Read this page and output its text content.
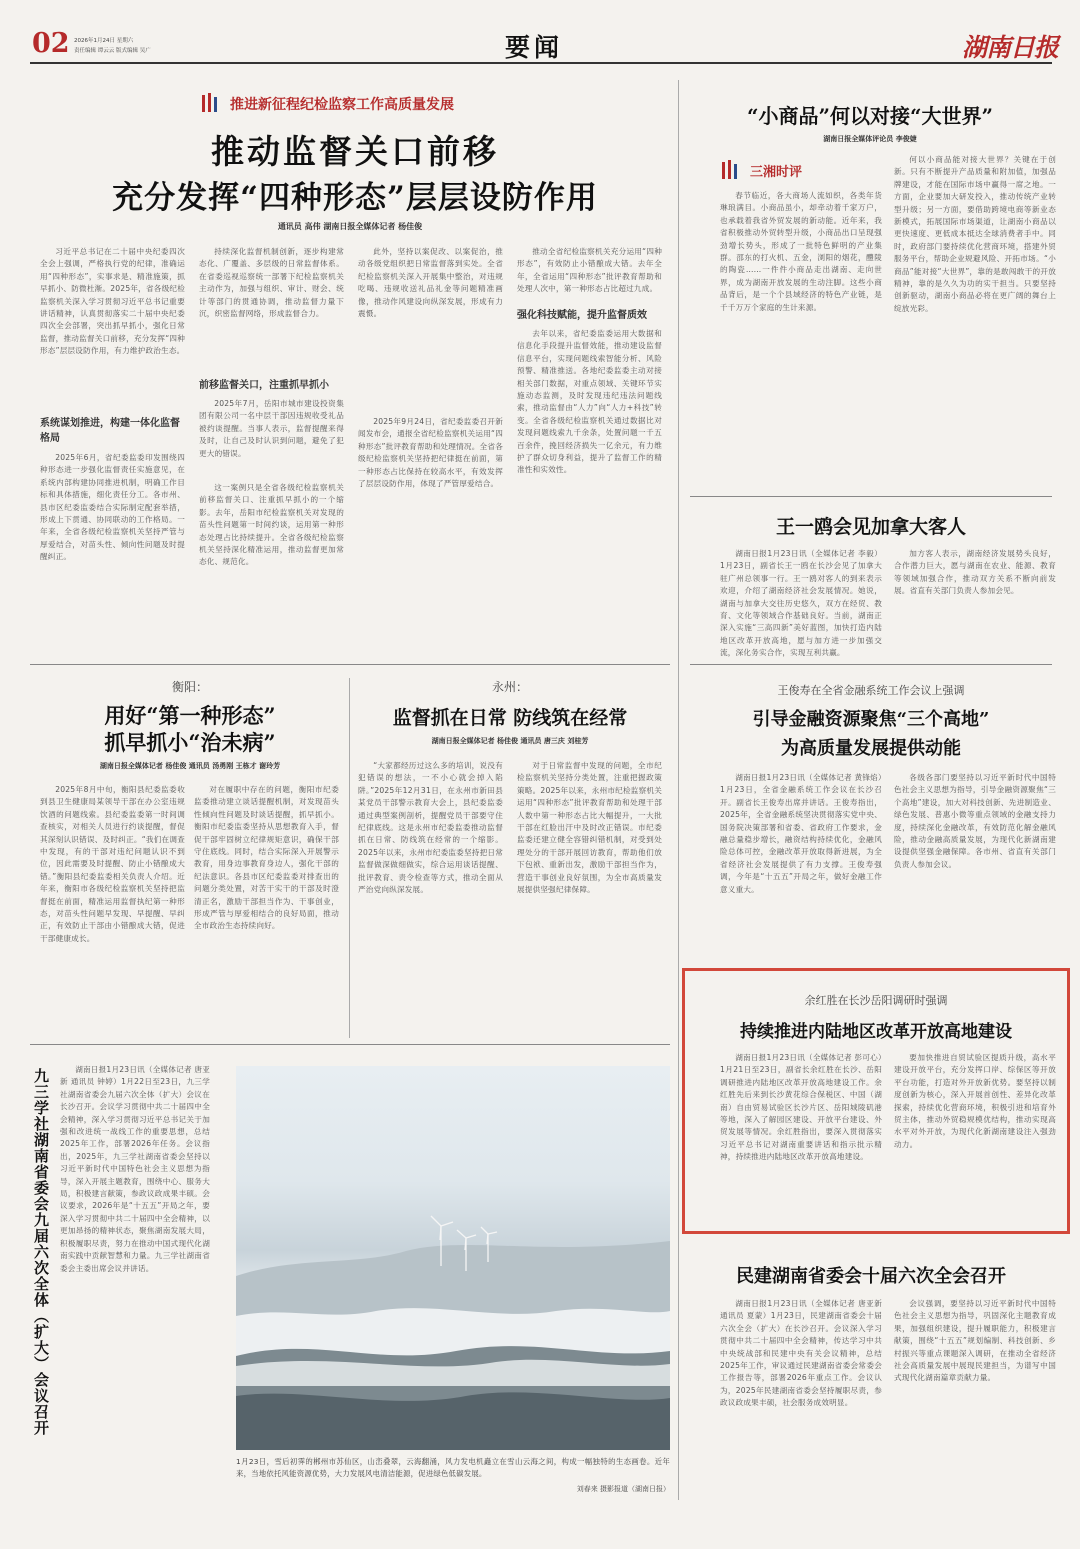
02 2026年1月24日 星期六
责任编辑 谭云云 版式编辑 吴广	要闻	湖南日报
推进新征程纪检监察工作高质量发展
推动监督关口前移
充分发挥“四种形态”层层设防作用
通讯员 高伟 湖南日报全媒体记者 杨佳俊

习近平总书记在二十届中央纪委四次全会上强调，严格执行党的纪律，准确运用“四种形态”，实事求是、精准施策，抓早抓小、防微杜渐。2025年，省各级纪检监察机关深入学习贯彻习近平总书记重要讲话精神，认真贯彻落实二十届中央纪委四次全会部署，突出抓早抓小，强化日常监督，推动监督关口前移，充分发挥“四种形态”层层设防作用，有力维护政治生态。

系统谋划推进，构建一体化监督格局

2025年6月，省纪委监委印发围绕四种形态进一步强化监督责任实施意见，在系统内部构建协同推进机制，明确工作目标和具体措施，细化责任分工。各市州、县市区纪委监委结合实际制定配套举措，形成上下贯通、协同联动的工作格局。一年来，全省各级纪检监察机关坚持严管与厚爱结合，对苗头性、倾向性问题及时提醒纠正。

持续深化监督机制创新，逐步构建常态化、广覆盖、多层级的日常监督体系。在省委巡视巡察统一部署下纪检监察机关主动作为，加强与组织、审计、财会、统计等部门的贯通协调，推动监督力量下沉，织密监督网络，形成监督合力。

前移监督关口，注重抓早抓小

2025年7月，岳阳市城市建设投资集团有限公司一名中层干部因违规收受礼品被约谈提醒。当事人表示，监督提醒来得及时，让自己及时认识到问题，避免了犯更大的错误。

这一案例只是全省各级纪检监察机关前移监督关口、注重抓早抓小的一个缩影。去年，岳阳市纪检监察机关对发现的苗头性问题第一时间约谈，运用第一种形态处理占比持续提升。全省各级纪检监察机关坚持深化精准运用，推动监督更加常态化、规范化。

此外，坚持以案促改、以案促治，推动各级党组织把日常监督落到实处。全省纪检监察机关深入开展集中整治，对违规吃喝、违规收送礼品礼金等问题精准画像，推动作风建设向纵深发展，形成有力震慑。

2025年9月24日，省纪委监委召开新闻发布会，通报全省纪检监察机关运用“四种形态”批评教育帮助和处理情况。全省各级纪检监察机关坚持把纪律挺在前面，第一种形态占比保持在较高水平，有效发挥了层层设防作用，体现了严管厚爱结合。

推动全省纪检监察机关充分运用“四种形态”，有效防止小错酿成大错。去年全年，全省运用“四种形态”批评教育帮助和处理人次中，第一种形态占比超过九成。

强化科技赋能，提升监督质效

去年以来，省纪委监委运用大数据和信息化手段提升监督效能，推动建设监督信息平台，实现问题线索智能分析、风险预警、精准推送。各地纪委监委主动对接相关部门数据，对重点领域、关键环节实施动态监测，及时发现违纪违法问题线索，推动监督由“人力”向“人力+科技”转变。全省各级纪检监察机关通过数据比对发现问题线索九千余条，处置问题一千五百余件，挽回经济损失一亿余元，有力维护了群众切身利益，提升了监督工作的精准性和实效性。

衡阳：
用好“第一种形态”
抓早抓小“治未病”
湖南日报全媒体记者 杨佳俊 通讯员 汤勇刚 王栋才 谢玲芳

2025年8月中旬，衡阳县纪委监委收到县卫生健康局某领导干部在办公室违规饮酒的问题线索。县纪委监委第一时间调查核实，对相关人员进行约谈提醒，督促其深刻认识错误、及时纠正。“我们在调查中发现，有的干部对违纪问题认识不到位，因此需要及时提醒、防止小错酿成大错。”衡阳县纪委监委相关负责人介绍。近年来，衡阳市各级纪检监察机关坚持把监督挺在前面，精准运用监督执纪第一种形态，对苗头性问题早发现、早提醒、早纠正，有效防止干部由小错酿成大错，促进干部健康成长。

对在履职中存在的问题，衡阳市纪委监委推动建立谈话提醒机制，对发现苗头性倾向性问题及时谈话提醒，抓早抓小。衡阳市纪委监委坚持从思想教育入手，督促干部牢固树立纪律规矩意识，确保干部守住底线。同时，结合实际深入开展警示教育，用身边事教育身边人，强化干部的纪法意识。各县市区纪委监委对排查出的问题分类处置，对苦干实干的干部及时澄清正名，激励干部担当作为、干事创业，形成严管与厚爱相结合的良好局面，推动全市政治生态持续向好。

永州：
监督抓在日常 防线筑在经常
湖南日报全媒体记者 杨佳俊 通讯员 唐三庆 刘桂芳

“大家都经历过这么多的培训，说没有犯错误的想法，一不小心就会掉入陷阱。”2025年12月31日，在永州市新田县某党员干部警示教育大会上，县纪委监委通过典型案例剖析，提醒党员干部要守住纪律底线。这是永州市纪委监委推动监督抓在日常、防线筑在经常的一个缩影。2025年以来，永州市纪委监委坚持把日常监督做深做细做实，综合运用谈话提醒、批评教育、责令检查等方式，推动全面从严治党向纵深发展。

对于日常监督中发现的问题，全市纪检监察机关坚持分类处置，注重把握政策策略。2025年以来，永州市纪检监察机关运用“四种形态”批评教育帮助和处理干部人数中第一种形态占比大幅提升，一大批干部在红脸出汗中及时改正错误。市纪委监委还建立健全容错纠错机制，对受到处理处分的干部开展回访教育，帮助他们放下包袱、重新出发，激励干部担当作为，营造干事创业良好氛围，为全市高质量发展提供坚强纪律保障。

九三学社湖南省委会九届六次全体（扩大）会议召开	湖南日报1月23日讯（全媒体记者 唐亚新 通讯员 钟婷）1月22日至23日，九三学社湖南省委会九届六次全体（扩大）会议在长沙召开。会议学习贯彻中共二十届四中全会精神，深入学习贯彻习近平总书记关于加强和改进统一战线工作的重要思想，总结2025年工作，部署2026年任务。会议指出，2025年，九三学社湖南省委会坚持以习近平新时代中国特色社会主义思想为指导，深入开展主题教育，围绕中心、服务大局，积极建言献策，参政议政成果丰硕。会议要求，2026年是“十五五”开局之年，要深入学习贯彻中共二十届四中全会精神，以更加昂扬的精神状态，聚焦湖南发展大局，积极履职尽责，努力在推动中国式现代化湖南实践中贡献智慧和力量。九三学社湖南省委会主委出席会议并讲话。

1月23日，雪后初霁的郴州市苏仙区，山峦叠翠，云海翻涌，风力发电机矗立在雪山云海之间，构成一幅独特的生态画卷。近年来，当地依托风能资源优势，大力发展风电清洁能源，促进绿色低碳发展。
刘春来 摄影报道（湖南日报）
“小商品”何以对接“大世界”
湖南日报全媒体评论员 李俊婕
三湘时评

春节临近，各大商场人流如织，各类年货琳琅满目。小商品虽小，却牵动着千家万户，也承载着我省外贸发展的新动能。近年来，我省积极推动外贸转型升级，小商品出口呈现强劲增长势头，形成了一批特色鲜明的产业集群。邵东的打火机、五金，浏阳的烟花，醴陵的陶瓷……一件件小商品走出湖南、走向世界，成为湖南开放发展的生动注脚。这些小商品背后，是一个个县域经济的特色产业链，是千千万万个家庭的生计来源。

何以小商品能对接大世界？关键在于创新。只有不断提升产品质量和附加值，加强品牌建设，才能在国际市场中赢得一席之地。一方面，企业要加大研发投入，推动传统产业转型升级；另一方面，要借助跨境电商等新业态新模式，拓展国际市场渠道，让湖南小商品以更快速度、更低成本抵达全球消费者手中。同时，政府部门要持续优化营商环境，搭建外贸服务平台，帮助企业规避风险、开拓市场。“小商品”能对接“大世界”，靠的是敢闯敢干的开放精神，靠的是久久为功的实干担当。只要坚持创新驱动，湖南小商品必将在更广阔的舞台上绽放光彩。

王一鸥会见加拿大客人

湖南日报1月23日讯（全媒体记者 李毅）1月23日，副省长王一鸥在长沙会见了加拿大驻广州总领事一行。王一鸥对客人的到来表示欢迎，介绍了湖南经济社会发展情况。她说，湖南与加拿大交往历史悠久，双方在经贸、教育、文化等领域合作基础良好。当前，湖南正深入实施“三高四新”美好蓝图，加快打造内陆地区改革开放高地，愿与加方进一步加强交流，深化务实合作，实现互利共赢。

加方客人表示，湖南经济发展势头良好，合作潜力巨大，愿与湖南在农业、能源、教育等领域加强合作，推动双方关系不断向前发展。省直有关部门负责人参加会见。

王俊寿在全省金融系统工作会议上强调
引导金融资源聚焦“三个高地”
为高质量发展提供动能

湖南日报1月23日讯（全媒体记者 黄锋焰）1月23日，全省金融系统工作会议在长沙召开。副省长王俊寿出席并讲话。王俊寿指出，2025年，全省金融系统坚决贯彻落实党中央、国务院决策部署和省委、省政府工作要求，金融总量稳步增长，融资结构持续优化，金融风险总体可控，金融改革开放取得新进展，为全省经济社会发展提供了有力支撑。王俊寿强调，今年是“十五五”开局之年，做好金融工作意义重大。

各级各部门要坚持以习近平新时代中国特色社会主义思想为指导，引导金融资源聚焦“三个高地”建设，加大对科技创新、先进制造业、绿色发展、普惠小微等重点领域的金融支持力度，持续深化金融改革，有效防范化解金融风险，推动金融高质量发展，为现代化新湖南建设提供坚强金融保障。各市州、省直有关部门负责人参加会议。

余红胜在长沙岳阳调研时强调
持续推进内陆地区改革开放高地建设

湖南日报1月23日讯（全媒体记者 彭可心）1月21日至23日，副省长余红胜在长沙、岳阳调研推进内陆地区改革开放高地建设工作。余红胜先后来到长沙黄花综合保税区、中国（湖南）自由贸易试验区长沙片区、岳阳城陵矶港等地，深入了解园区建设、开放平台建设、外贸发展等情况。余红胜指出，要深入贯彻落实习近平总书记对湖南重要讲话和指示批示精神，持续推进内陆地区改革开放高地建设。

要加快推进自贸试验区提质升级，高水平建设开放平台，充分发挥口岸、综保区等开放平台功能，打造对外开放新优势。要坚持以制度创新为核心，深入开展首创性、差异化改革探索，持续优化营商环境，积极引进和培育外贸主体，推动外贸稳规模优结构，推动实现高水平对外开放，为现代化新湖南建设注入强劲动力。

民建湖南省委会十届六次全会召开

湖南日报1月23日讯（全媒体记者 唐亚新 通讯员 夏蒙）1月23日，民建湖南省委会十届六次全会（扩大）在长沙召开。会议深入学习贯彻中共二十届四中全会精神，传达学习中共中央统战部和民建中央有关会议精神，总结2025年工作，审议通过民建湖南省委会常委会工作报告等，部署2026年重点工作。会议认为，2025年民建湖南省委会坚持履职尽责，参政议政成果丰硕，社会服务成效明显。

会议强调，要坚持以习近平新时代中国特色社会主义思想为指导，巩固深化主题教育成果，加强组织建设，提升履职能力，积极建言献策，围绕“十五五”规划编制、科技创新、乡村振兴等重点课题深入调研，在推动全省经济社会高质量发展中展现民建担当，为谱写中国式现代化湖南篇章贡献力量。
